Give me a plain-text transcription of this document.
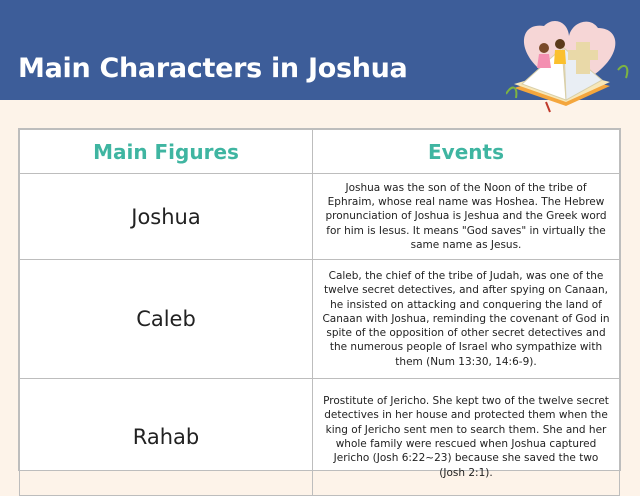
Main Characters in Joshua
Main Figures	Events
Joshua	Joshua was the son of the Noon of the tribe of Ephraim, whose real name was Hoshea. The Hebrew pronunciation of Joshua is Jeshua and the Greek word for him is Iesus. It means "God saves" in virtually the same name as Jesus.
Caleb	Caleb, the chief of the tribe of Judah, was one of the twelve secret detectives, and after spying on Canaan, he insisted on attacking and conquering the land of Canaan with Joshua, reminding the covenant of God in spite of the opposition of other secret detectives and the numerous people of Israel who sympathize with them (Num 13:30, 14:6-9).
Rahab	Prostitute of Jericho. She kept two of the twelve secret detectives in her house and protected them when the king of Jericho sent men to search them. She and her whole family were rescued when Joshua captured Jericho (Josh 6:22~23) because she saved the two (Josh 2:1).
